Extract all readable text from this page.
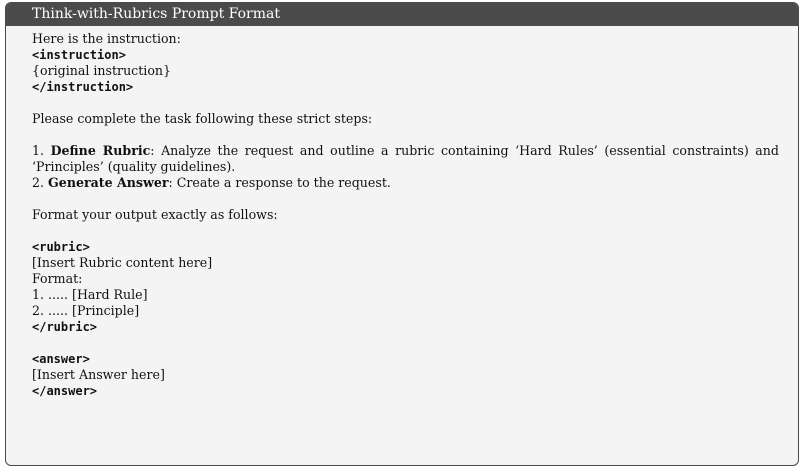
Think-with-Rubrics Prompt Format
Here is the instruction:
<instruction>
{original instruction}
</instruction>
Please complete the task following these strict steps:
1. Define Rubric: Analyze the request and outline a rubric containing ‘Hard Rules’ (essential constraints) and ‘Principles’ (quality guidelines).
2. Generate Answer: Create a response to the request.
Format your output exactly as follows:
<rubric>
[Insert Rubric content here]
Format:
1. ..... [Hard Rule]
2. ..... [Principle]
</rubric>
<answer>
[Insert Answer here]
</answer>
